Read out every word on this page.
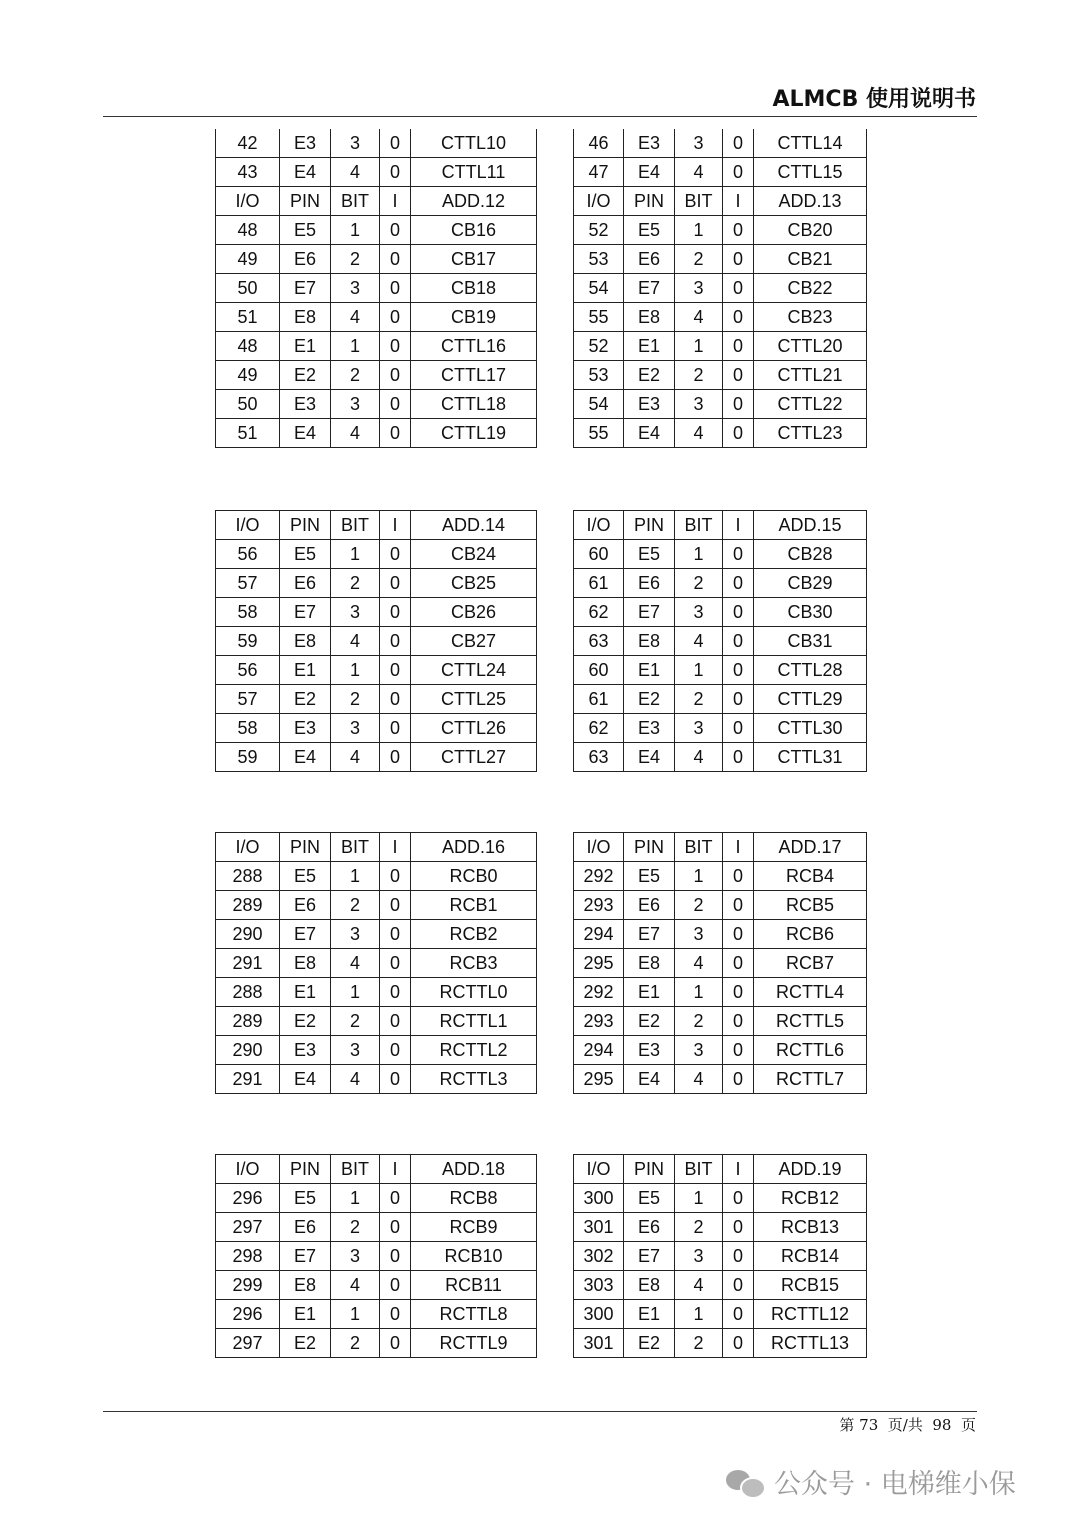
ALMCB 使用说明书
42	E3	3	0	CTTL10
43	E4	4	0	CTTL11
I/O	PIN	BIT	I	ADD.12
48	E5	1	0	CB16
49	E6	2	0	CB17
50	E7	3	0	CB18
51	E8	4	0	CB19
48	E1	1	0	CTTL16
49	E2	2	0	CTTL17
50	E3	3	0	CTTL18
51	E4	4	0	CTTL19
46	E3	3	0	CTTL14
47	E4	4	0	CTTL15
I/O	PIN	BIT	I	ADD.13
52	E5	1	0	CB20
53	E6	2	0	CB21
54	E7	3	0	CB22
55	E8	4	0	CB23
52	E1	1	0	CTTL20
53	E2	2	0	CTTL21
54	E3	3	0	CTTL22
55	E4	4	0	CTTL23
I/O	PIN	BIT	I	ADD.14
56	E5	1	0	CB24
57	E6	2	0	CB25
58	E7	3	0	CB26
59	E8	4	0	CB27
56	E1	1	0	CTTL24
57	E2	2	0	CTTL25
58	E3	3	0	CTTL26
59	E4	4	0	CTTL27
I/O	PIN	BIT	I	ADD.15
60	E5	1	0	CB28
61	E6	2	0	CB29
62	E7	3	0	CB30
63	E8	4	0	CB31
60	E1	1	0	CTTL28
61	E2	2	0	CTTL29
62	E3	3	0	CTTL30
63	E4	4	0	CTTL31
I/O	PIN	BIT	I	ADD.16
288	E5	1	0	RCB0
289	E6	2	0	RCB1
290	E7	3	0	RCB2
291	E8	4	0	RCB3
288	E1	1	0	RCTTL0
289	E2	2	0	RCTTL1
290	E3	3	0	RCTTL2
291	E4	4	0	RCTTL3
I/O	PIN	BIT	I	ADD.17
292	E5	1	0	RCB4
293	E6	2	0	RCB5
294	E7	3	0	RCB6
295	E8	4	0	RCB7
292	E1	1	0	RCTTL4
293	E2	2	0	RCTTL5
294	E3	3	0	RCTTL6
295	E4	4	0	RCTTL7
I/O	PIN	BIT	I	ADD.18
296	E5	1	0	RCB8
297	E6	2	0	RCB9
298	E7	3	0	RCB10
299	E8	4	0	RCB11
296	E1	1	0	RCTTL8
297	E2	2	0	RCTTL9
I/O	PIN	BIT	I	ADD.19
300	E5	1	0	RCB12
301	E6	2	0	RCB13
302	E7	3	0	RCB14
303	E8	4	0	RCB15
300	E1	1	0	RCTTL12
301	E2	2	0	RCTTL13
第 73  页/共  98  页
公众号 · 电梯维小保
